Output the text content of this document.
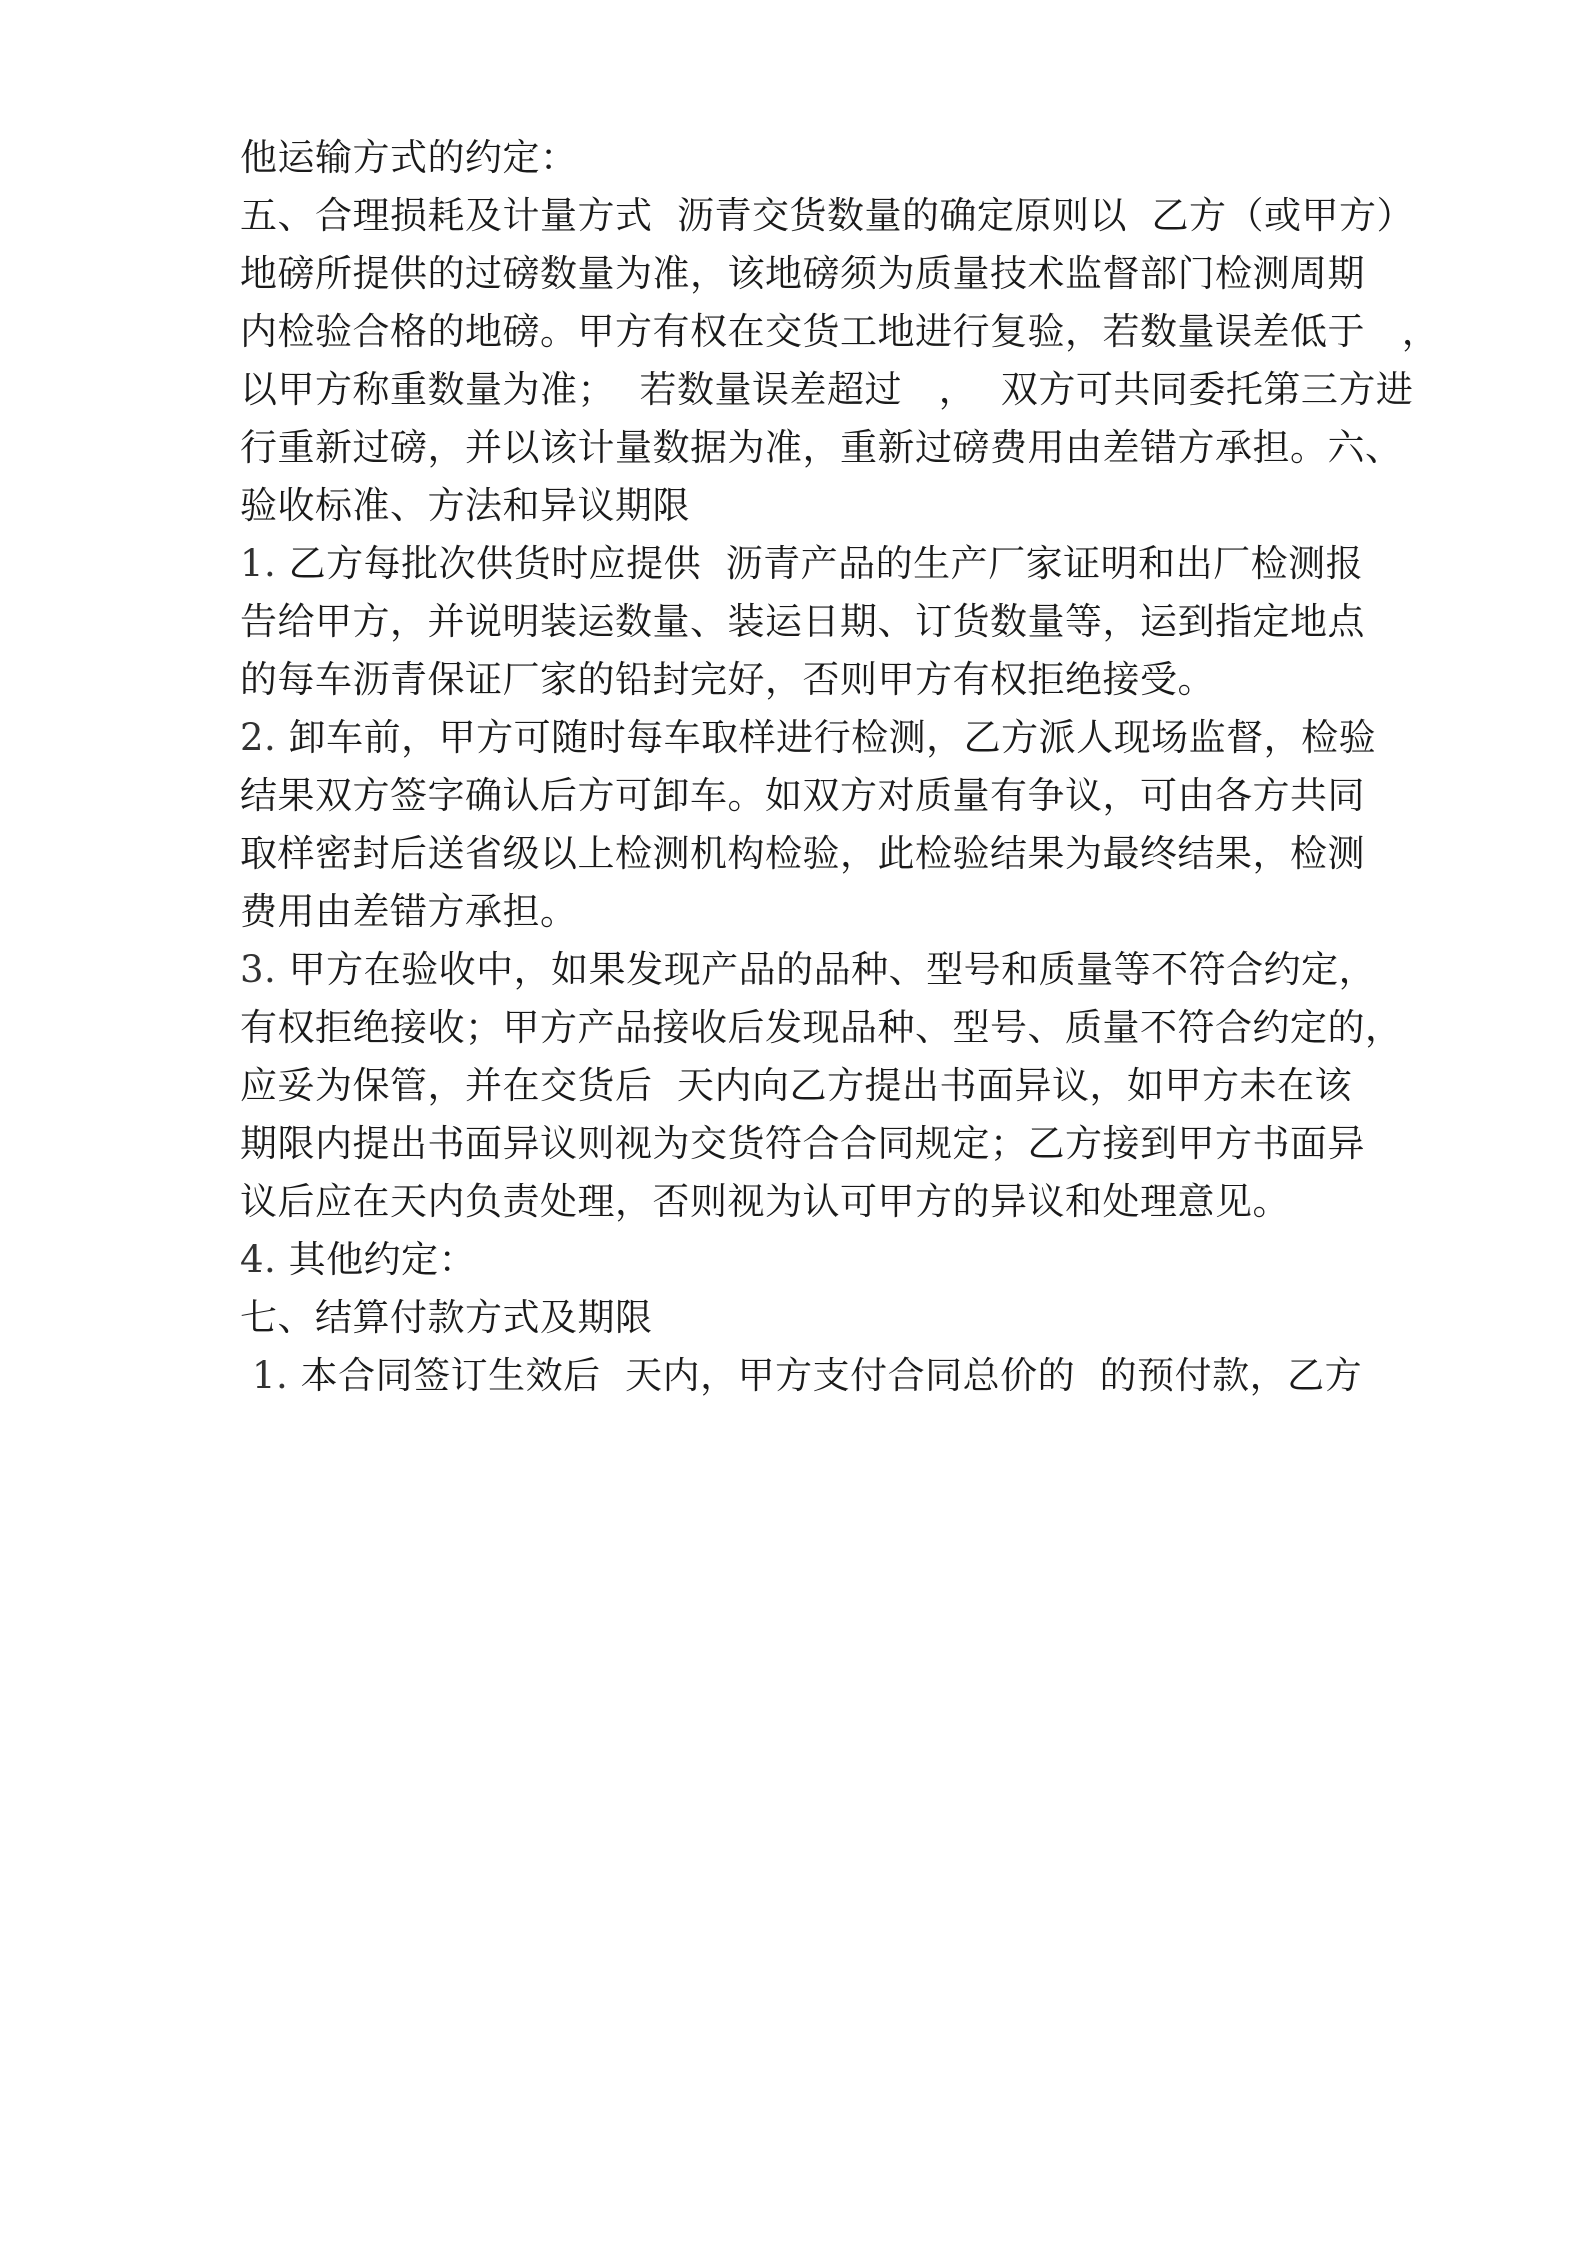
他运输方式的约定：
五、合理损耗及计量方式  沥青交货数量的确定原则以  乙方（或甲方）
地磅所提供的过磅数量为准，该地磅须为质量技术监督部门检测周期
内检验合格的地磅。甲方有权在交货工地进行复验，若数量误差低于   ，
以甲方称重数量为准；  若数量误差超过   ，  双方可共同委托第三方进
行重新过磅，并以该计量数据为准，重新过磅费用由差错方承担。六、
验收标准、方法和异议期限
1. 乙方每批次供货时应提供  沥青产品的生产厂家证明和出厂检测报
告给甲方，并说明装运数量、装运日期、订货数量等，运到指定地点
的每车沥青保证厂家的铅封完好，否则甲方有权拒绝接受。
2. 卸车前，甲方可随时每车取样进行检测，乙方派人现场监督，检验
结果双方签字确认后方可卸车。如双方对质量有争议，可由各方共同
取样密封后送省级以上检测机构检验，此检验结果为最终结果，检测
费用由差错方承担。
3. 甲方在验收中，如果发现产品的品种、型号和质量等不符合约定，
有权拒绝接收；甲方产品接收后发现品种、型号、质量不符合约定的，
应妥为保管，并在交货后  天内向乙方提出书面异议，如甲方未在该
期限内提出书面异议则视为交货符合合同规定；乙方接到甲方书面异
议后应在天内负责处理，否则视为认可甲方的异议和处理意见。
4. 其他约定：
七、结算付款方式及期限
1. 本合同签订生效后  天内，甲方支付合同总价的  的预付款，乙方
